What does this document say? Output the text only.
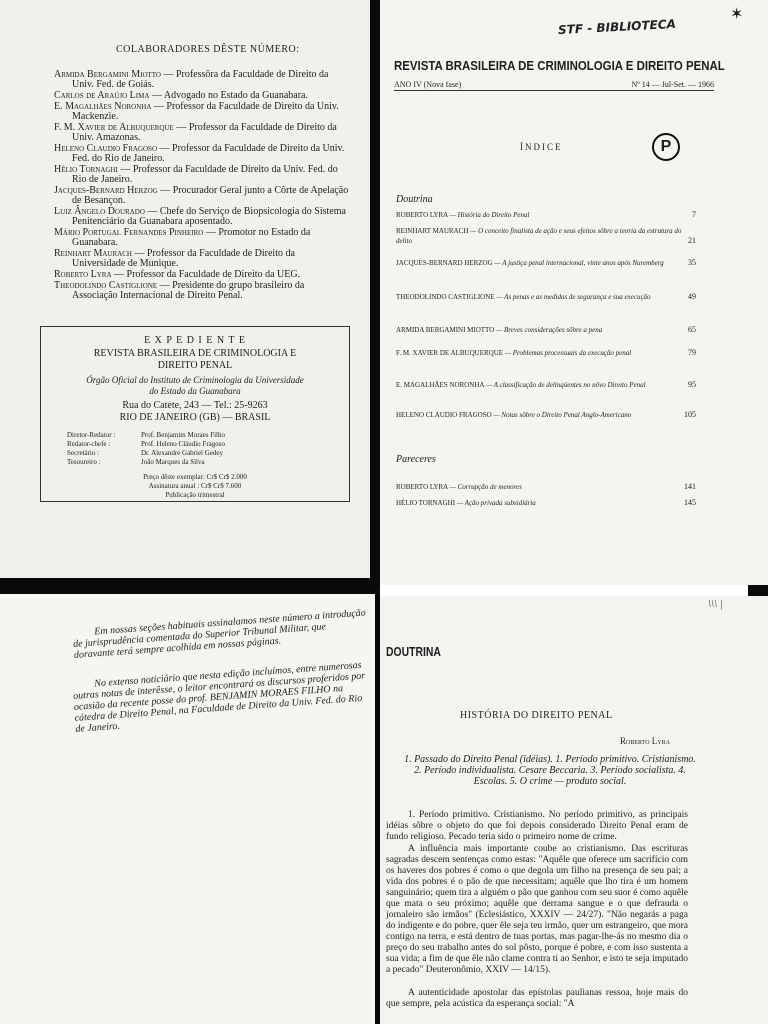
COLABORADORES DÊSTE NÚMERO:
Armida Bergamini Miotto — Professôra da Faculdade de Direito da Univ. Fed. de Goiás.
Carlos de Araújo Lima — Advogado no Estado da Guanabara.
E. Magalhães Noronha — Professor da Faculdade de Direito da Univ. Mackenzie.
F. M. Xavier de Albuquerque — Professor da Faculdade de Direito da Univ. Amazonas.
Heleno Claudio Fragoso — Professor da Faculdade de Direito da Univ. Fed. do Rio de Janeiro.
Hélio Tornaghi — Professor da Faculdade de Direito da Univ. Fed. do Rio de Janeiro.
Jacques-Bernard Herzog — Procurador Geral junto a Côrte de Apelação de Besançon.
Luiz Ângelo Dourado — Chefe do Serviço de Biopsicologia do Sistema Penitenciário da Guanabara aposentado.
Mário Portugal Fernandes Pinheiro — Promotor no Estado da Guanabara.
Reinhart Maurach — Professor da Faculdade de Direito da Universidade de Munique.
Roberto Lyra — Professor da Faculdade de Direito da UEG.
Theodolindo Castiglione — Presidente do grupo brasileiro da Associação Internacional de Direito Penal.
E X P E D I E N T E
REVISTA BRASILEIRA DE CRIMINOLOGIA E
DIREITO PENAL
Órgão Oficial do Instituto de Criminologia da Universidade
do Estado da Guanabara
Rua do Catete, 243 — Tel.: 25-9263
RIO DE JANEIRO (GB) — BRASIL
Diretor-Redator :	Prof. Benjamim Moraes Filho
Redator-chefe :	Prof. Heleno Cláudio Fragoso
Secretário :	Dr. Alexandre Gabriel Gedey
Tesoureiro :	João Marques da Silva
Preço dêste exemplar: Cr$ Cr$ 2.000
Assinatura anual : Cr$ Cr$ 7.600
Publicação trimestral
STF - BIBLIOTECA
✶
REVISTA BRASILEIRA DE CRIMINOLOGIA E DIREITO PENAL
ANO IV (Nova fase)	Nº 14 — Jul-Set. — 1966
ÍNDICE	P
Doutrina
ROBERTO LYRA — História do Direito Penal	7
REINHART MAURACH — O conceito finalista de ação e seus efeitos sôbre a teoria da estrutura do delito	21
JACQUES-BERNARD HERZOG — A justiça penal internacional, vinte anos após Nuremberg	35
THEODOLINDO CASTIGLIONE — As penas e as medidas de segurança e sua execução	49
ARMIDA BERGAMINI MIOTTO — Breves considerações sôbre a pena	65
F. M. XAVIER DE ALBUQUERQUE — Problemas processuais da execução penal	79
E. MAGALHÃES NORONHA — A classificação de delinqüentes no nôvo Direito Penal	95
HELENO CLAUDIO FRAGOSO — Notas sôbre o Direito Penal Anglo-Americano	105
Pareceres
ROBERTO LYRA — Corrupção de menores	141
HÉLIO TORNAGHI — Ação privada subsidiária	145

Em nossas seções habituais assinalamos neste número a introdução de jurisprudência comentada do Superior Tribunal Militar, que doravante terá sempre acolhida em nossas páginas.

No extenso noticiário que nesta edição incluímos, entre numerosas outras notas de interêsse, o leitor encontrará os discursos proferidos por ocasião da recente posse do prof. BENJAMIN MORAES FILHO na cátedra de Direito Penal, na Faculdade de Direito da Univ. Fed. do Rio de Janeiro.

DOUTRINA
HISTÓRIA DO DIREITO PENAL
Roberto Lyra

1. Passado do Direito Penal (idéias). 1. Período primitivo. Cristianismo. 2. Período individualista. Cesare Beccaria. 3. Período socialista. 4. Escolas. 5. O crime — produto social.

1. Período primitivo. Cristianismo. No período primitivo, as principais idéias sôbre o objeto do que foi depois considerado Direito Penal eram de fundo religioso. Pecado teria sido o primeiro nome de crime.

A influência mais importante coube ao cristianismo. Das escrituras sagradas descem sentenças como estas: "Aquêle que oferece um sacrifício com os haveres dos pobres é como o que degola um filho na presença de seu pai; a vida dos pobres é o pão de que necessitam; aquêle que lho tira é um homem sanguinário; quem tira a alguém o pão que ganhou com seu suor é como aquêle que mata o seu próximo; aquêle que derrama sangue e o que defrauda o jornaleiro são irmãos" (Eclesiástico, XXXIV — 24/27). "Não negarás a paga do indigente e do pobre, quer êle seja teu irmão, quer um estrangeiro, que mora contigo na terra, e está dentro de tuas portas, mas pagar-lhe-ás no mesmo dia o preço do seu trabalho antes do sol pôsto, porque é pobre, e com isso sustenta a sua vida; a fim de que êle não clame contra ti ao Senhor, e isto te seja imputado a pecado" Deuteronômio, XXIV — 14/15).

A autenticidade apostolar das epístolas paulianas ressoa, hoje mais do que sempre, pela acústica da esperança social: "A

\\\ |
